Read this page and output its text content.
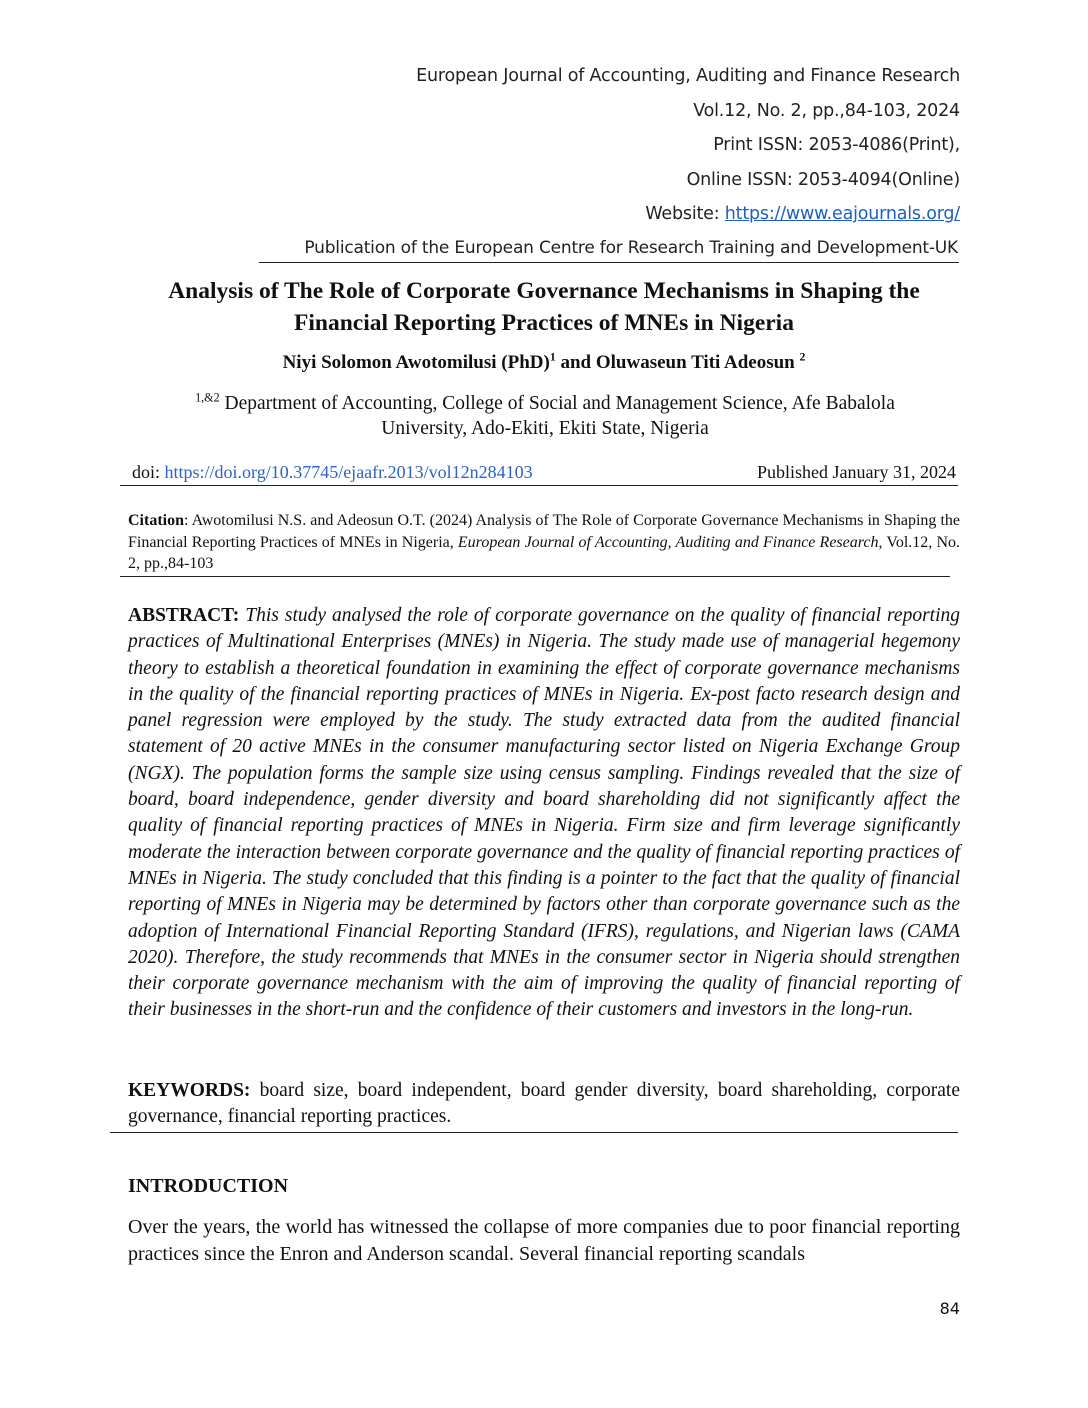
European Journal of Accounting, Auditing and Finance Research
Vol.12, No. 2, pp.,84-103, 2024
Print ISSN: 2053-4086(Print),
Online ISSN: 2053-4094(Online)
Website: https://www.eajournals.org/
Publication of the European Centre for Research Training and Development-UK
Analysis of The Role of Corporate Governance Mechanisms in Shaping the
Financial Reporting Practices of MNEs in Nigeria
Niyi Solomon Awotomilusi (PhD)$^1$ and Oluwaseun Titi Adeosun $^2$
$^{1,\&2}$ Department of Accounting, College of Social and Management Science, Afe Babalola
University, Ado-Ekiti, Ekiti State, Nigeria
doi: https://doi.org/10.37745/ejaafr.2013/vol12n284103	Published January 31, 2024
Citation: Awotomilusi N.S. and Adeosun O.T. (2024) Analysis of The Role of Corporate Governance Mechanisms in Shaping the Financial Reporting Practices of MNEs in Nigeria, European Journal of Accounting, Auditing and Finance Research, Vol.12, No. 2, pp.,84-103
ABSTRACT: This study analysed the role of corporate governance on the quality of financial reporting practices of Multinational Enterprises (MNEs) in Nigeria. The study made use of managerial hegemony theory to establish a theoretical foundation in examining the effect of corporate governance mechanisms in the quality of the financial reporting practices of MNEs in Nigeria. Ex-post facto research design and panel regression were employed by the study. The study extracted data from the audited financial statement of 20 active MNEs in the consumer manufacturing sector listed on Nigeria Exchange Group (NGX). The population forms the sample size using census sampling. Findings revealed that the size of board, board independence, gender diversity and board shareholding did not significantly affect the quality of financial reporting practices of MNEs in Nigeria. Firm size and firm leverage significantly moderate the interaction between corporate governance and the quality of financial reporting practices of MNEs in Nigeria. The study concluded that this finding is a pointer to the fact that the quality of financial reporting of MNEs in Nigeria may be determined by factors other than corporate governance such as the adoption of International Financial Reporting Standard (IFRS), regulations, and Nigerian laws (CAMA 2020). Therefore, the study recommends that MNEs in the consumer sector in Nigeria should strengthen their corporate governance mechanism with the aim of improving the quality of financial reporting of their businesses in the short-run and the confidence of their customers and investors in the long-run.
KEYWORDS: board size, board independent, board gender diversity, board shareholding, corporate governance, financial reporting practices.
INTRODUCTION
Over the years, the world has witnessed the collapse of more companies due to poor financial reporting practices since the Enron and Anderson scandal. Several financial reporting scandals
84
